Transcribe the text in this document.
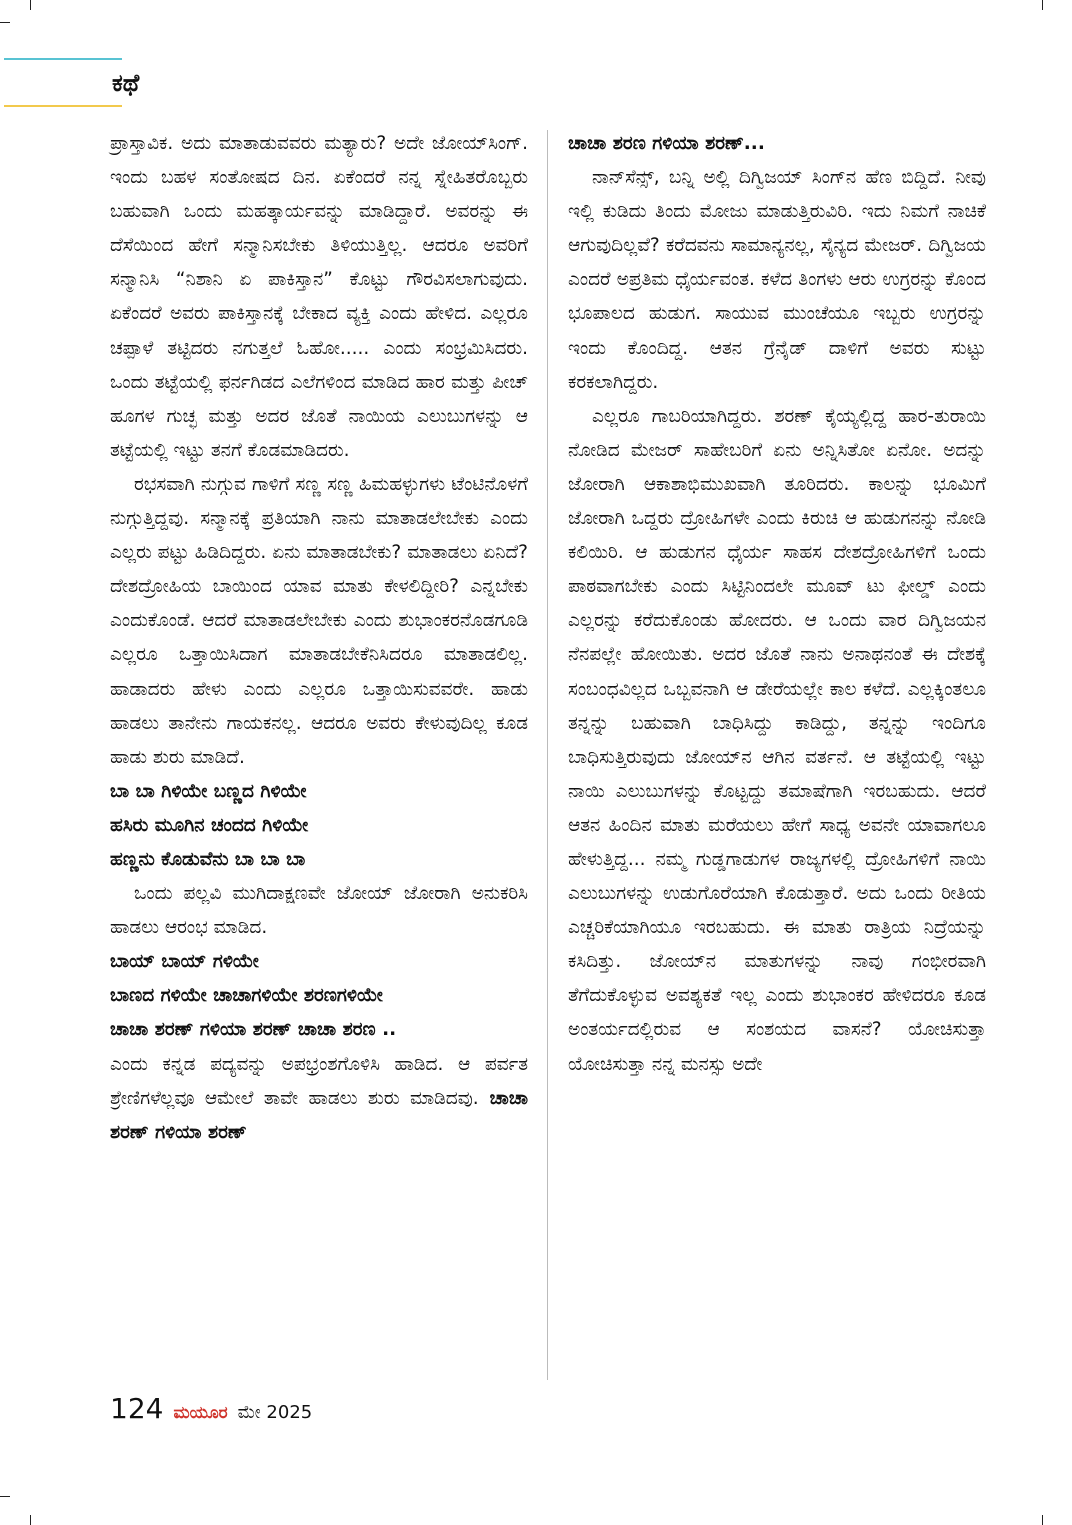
ಕಥೆ

ಪ್ರಾಸ್ತಾವಿಕ. ಅದು ಮಾತಾಡುವವರು ಮತ್ಯಾರು? ಅದೇ ಜೋಯ್‌ಸಿಂಗ್. ಇಂದು ಬಹಳ ಸಂತೋಷದ ದಿನ. ಏಕೆಂದರೆ ನನ್ನ ಸ್ನೇಹಿತರೊಬ್ಬರು ಬಹುವಾಗಿ ಒಂದು ಮಹತ್ಕಾರ್ಯವನ್ನು ಮಾಡಿದ್ದಾರೆ. ಅವರನ್ನು ಈ ದೆಸೆಯಿಂದ ಹೇಗೆ ಸನ್ಮಾನಿಸಬೇಕು ತಿಳಿಯುತ್ತಿಲ್ಲ. ಆದರೂ ಅವರಿಗೆ ಸನ್ಮಾನಿಸಿ “ನಿಶಾನಿ ಏ ಪಾಕಿಸ್ತಾನ” ಕೊಟ್ಟು ಗೌರವಿಸಲಾಗುವುದು. ಏಕೆಂದರೆ ಅವರು ಪಾಕಿಸ್ತಾನಕ್ಕೆ ಬೇಕಾದ ವ್ಯಕ್ತಿ ಎಂದು ಹೇಳಿದ. ಎಲ್ಲರೂ ಚಪ್ಪಾಳೆ ತಟ್ಟಿದರು ನಗುತ್ತಲೆ ಓಹೋ..... ಎಂದು ಸಂಭ್ರಮಿಸಿದರು. ಒಂದು ತಟ್ಟೆಯಲ್ಲಿ ಫರ್ನಗಿಡದ ಎಲೆಗಳಿಂದ ಮಾಡಿದ ಹಾರ ಮತ್ತು ಪೀಚ್ ಹೂಗಳ ಗುಚ್ಛ ಮತ್ತು ಅದರ ಜೊತೆ ನಾಯಿಯ ಎಲುಬುಗಳನ್ನು ಆ ತಟ್ಟೆಯಲ್ಲಿ ಇಟ್ಟು ತನಗೆ ಕೊಡಮಾಡಿದರು.

ರಭಸವಾಗಿ ನುಗ್ಗುವ ಗಾಳಿಗೆ ಸಣ್ಣ ಸಣ್ಣ ಹಿಮಹಳ್ಳುಗಳು ಟೆಂಟಿನೊಳಗೆ ನುಗ್ಗುತ್ತಿದ್ದವು. ಸನ್ಮಾನಕ್ಕೆ ಪ್ರತಿಯಾಗಿ ನಾನು ಮಾತಾಡಲೇಬೇಕು ಎಂದು ಎಲ್ಲರು ಪಟ್ಟು ಹಿಡಿದಿದ್ದರು. ಏನು ಮಾತಾಡಬೇಕು? ಮಾತಾಡಲು ಏನಿದೆ? ದೇಶದ್ರೋಹಿಯ ಬಾಯಿಂದ ಯಾವ ಮಾತು ಕೇಳಲಿದ್ದೀರಿ? ಎನ್ನಬೇಕು ಎಂದುಕೊಂಡೆ. ಆದರೆ ಮಾತಾಡಲೇಬೇಕು ಎಂದು ಶುಭಾಂಕರನೊಡಗೂಡಿ ಎಲ್ಲರೂ ಒತ್ತಾಯಿಸಿದಾಗ ಮಾತಾಡಬೇಕೆನಿಸಿದರೂ ಮಾತಾಡಲಿಲ್ಲ. ಹಾಡಾದರು ಹೇಳು ಎಂದು ಎಲ್ಲರೂ ಒತ್ತಾಯಿಸುವವರೇ. ಹಾಡು ಹಾಡಲು ತಾನೇನು ಗಾಯಕನಲ್ಲ. ಆದರೂ ಅವರು ಕೇಳುವುದಿಲ್ಲ ಕೂಡ ಹಾಡು ಶುರು ಮಾಡಿದೆ.

ಬಾ ಬಾ ಗಿಳಿಯೇ ಬಣ್ಣದ ಗಿಳಿಯೇ

ಹಸಿರು ಮೂಗಿನ ಚಂದದ ಗಿಳಿಯೇ

ಹಣ್ಣನು ಕೊಡುವೆನು ಬಾ ಬಾ ಬಾ

ಒಂದು ಪಲ್ಲವಿ ಮುಗಿದಾಕ್ಷಣವೇ ಜೋಯ್ ಜೋರಾಗಿ ಅನುಕರಿಸಿ ಹಾಡಲು ಆರಂಭ ಮಾಡಿದ.

ಬಾಯ್ ಬಾಯ್ ಗಳಿಯೇ

ಬಾಣದ ಗಳಿಯೇ ಚಾಚಾಗಳಿಯೇ ಶರಣಗಳಿಯೇ

ಚಾಚಾ ಶರಣ್ ಗಳಿಯಾ ಶರಣ್ ಚಾಚಾ ಶರಣ ..

ಎಂದು ಕನ್ನಡ ಪದ್ಯವನ್ನು ಅಪಭ್ರಂಶಗೊಳಿಸಿ ಹಾಡಿದ. ಆ ಪರ್ವತ ಶ್ರೇಣಿಗಳೆಲ್ಲವೂ ಆಮೇಲೆ ತಾವೇ ಹಾಡಲು ಶುರು ಮಾಡಿದವು. ಚಾಚಾ ಶರಣ್ ಗಳಿಯಾ ಶರಣ್

ಚಾಚಾ ಶರಣ ಗಳಿಯಾ ಶರಣ್...

ನಾನ್‌ಸೆನ್ಸ್, ಬನ್ನಿ ಅಲ್ಲಿ ದಿಗ್ವಿಜಯ್ ಸಿಂಗ್‌ನ ಹೆಣ ಬಿದ್ದಿದೆ. ನೀವು ಇಲ್ಲಿ ಕುಡಿದು ತಿಂದು ಮೋಜು ಮಾಡುತ್ತಿರುವಿರಿ. ಇದು ನಿಮಗೆ ನಾಚಿಕೆ ಆಗುವುದಿಲ್ಲವೆ? ಕರೆದವನು ಸಾಮಾನ್ಯನಲ್ಲ, ಸೈನ್ಯದ ಮೇಜರ್. ದಿಗ್ವಿಜಯ ಎಂದರೆ ಅಪ್ರತಿಮ ಧೈರ್ಯವಂತ. ಕಳೆದ ತಿಂಗಳು ಆರು ಉಗ್ರರನ್ನು ಕೊಂದ ಭೂಪಾಲದ ಹುಡುಗ. ಸಾಯುವ ಮುಂಚೆಯೂ ಇಬ್ಬರು ಉಗ್ರರನ್ನು ಇಂದು ಕೊಂದಿದ್ದ. ಆತನ ಗ್ರೆನೈಡ್ ದಾಳಿಗೆ ಅವರು ಸುಟ್ಟು ಕರಕಲಾಗಿದ್ದರು.

ಎಲ್ಲರೂ ಗಾಬರಿಯಾಗಿದ್ದರು. ಶರಣ್ ಕೈಯ್ಯಲ್ಲಿದ್ದ ಹಾರ-ತುರಾಯಿ ನೋಡಿದ ಮೇಜರ್ ಸಾಹೇಬರಿಗೆ ಏನು ಅನ್ನಿಸಿತೋ ಏನೋ. ಅದನ್ನು ಜೋರಾಗಿ ಆಕಾಶಾಭಿಮುಖವಾಗಿ ತೂರಿದರು. ಕಾಲನ್ನು ಭೂಮಿಗೆ ಜೋರಾಗಿ ಒದ್ದರು ದ್ರೋಹಿಗಳೇ ಎಂದು ಕಿರುಚಿ ಆ ಹುಡುಗನನ್ನು ನೋಡಿ ಕಲಿಯಿರಿ. ಆ ಹುಡುಗನ ಧೈರ್ಯ ಸಾಹಸ ದೇಶದ್ರೋಹಿಗಳಿಗೆ ಒಂದು ಪಾಠವಾಗಬೇಕು ಎಂದು ಸಿಟ್ಟಿನಿಂದಲೇ ಮೂವ್ ಟು ಫೀಲ್ಡ್ ಎಂದು ಎಲ್ಲರನ್ನು ಕರೆದುಕೊಂಡು ಹೋದರು. ಆ ಒಂದು ವಾರ ದಿಗ್ವಿಜಯನ ನೆನಪಲ್ಲೇ ಹೋಯಿತು. ಅದರ ಜೊತೆ ನಾನು ಅನಾಥನಂತೆ ಈ ದೇಶಕ್ಕೆ ಸಂಬಂಧವಿಲ್ಲದ ಒಬ್ಬವನಾಗಿ ಆ ಡೇರೆಯಲ್ಲೇ ಕಾಲ ಕಳೆದೆ. ಎಲ್ಲಕ್ಕಿಂತಲೂ ತನ್ನನ್ನು ಬಹುವಾಗಿ ಬಾಧಿಸಿದ್ದು ಕಾಡಿದ್ದು, ತನ್ನನ್ನು ಇಂದಿಗೂ ಬಾಧಿಸುತ್ತಿರುವುದು ಜೋಯ್‌ನ ಆಗಿನ ವರ್ತನೆ. ಆ ತಟ್ಟೆಯಲ್ಲಿ ಇಟ್ಟು ನಾಯಿ ಎಲುಬುಗಳನ್ನು ಕೊಟ್ಟದ್ದು ತಮಾಷೆಗಾಗಿ ಇರಬಹುದು. ಆದರೆ ಆತನ ಹಿಂದಿನ ಮಾತು ಮರೆಯಲು ಹೇಗೆ ಸಾಧ್ಯ ಅವನೇ ಯಾವಾಗಲೂ ಹೇಳುತ್ತಿದ್ದ... ನಮ್ಮ ಗುಡ್ಡಗಾಡುಗಳ ರಾಜ್ಯಗಳಲ್ಲಿ ದ್ರೋಹಿಗಳಿಗೆ ನಾಯಿ ಎಲುಬುಗಳನ್ನು ಉಡುಗೊರೆಯಾಗಿ ಕೊಡುತ್ತಾರೆ. ಅದು ಒಂದು ರೀತಿಯ ಎಚ್ಚರಿಕೆಯಾಗಿಯೂ ಇರಬಹುದು. ಈ ಮಾತು ರಾತ್ರಿಯ ನಿದ್ರೆಯನ್ನು ಕಸಿದಿತ್ತು. ಜೋಯ್‌ನ ಮಾತುಗಳನ್ನು ನಾವು ಗಂಭೀರವಾಗಿ ತೆಗೆದುಕೊಳ್ಳುವ ಅವಶ್ಯಕತೆ ಇಲ್ಲ ಎಂದು ಶುಭಾಂಕರ ಹೇಳಿದರೂ ಕೂಡ ಅಂತರ್ಯದಲ್ಲಿರುವ ಆ ಸಂಶಯದ ವಾಸನೆ? ಯೋಚಿಸುತ್ತಾ ಯೋಚಿಸುತ್ತಾ ನನ್ನ ಮನಸ್ಸು ಅದೇ

124 ಮಯೂರ ಮೇ 2025
